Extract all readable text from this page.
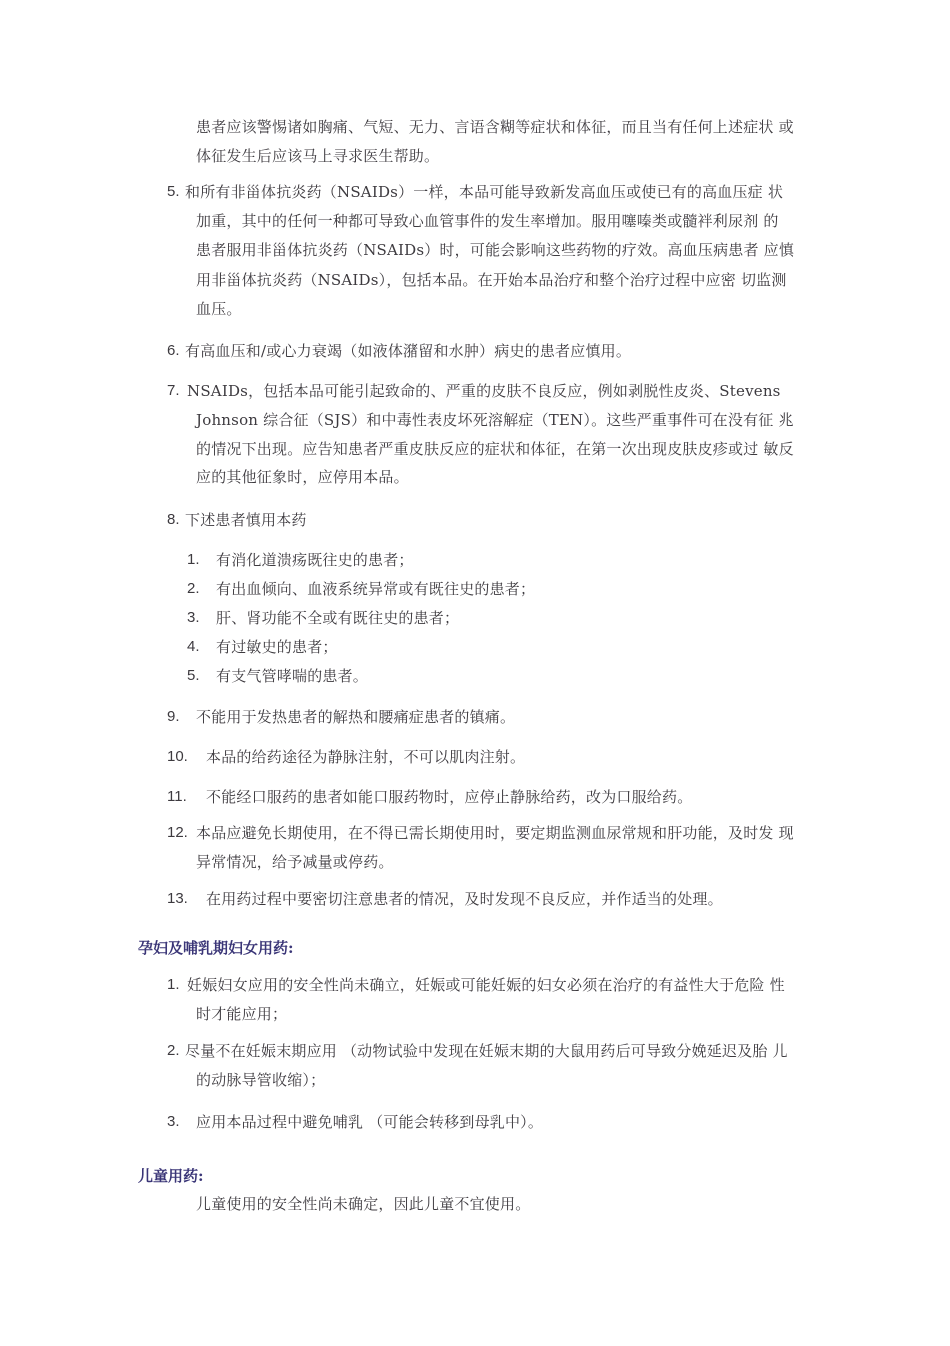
患者应该警惕诸如胸痛、气短、无力、言语含糊等症状和体征，而且当有任何上述症状 或
体征发生后应该马上寻求医生帮助。
5. 和所有非甾体抗炎药（NSAIDs）一样，本品可能导致新发高血压或使已有的高血压症 状
加重，其中的任何一种都可导致心血管事件的发生率增加。服用噻嗪类或髓袢利尿剂 的
患者服用非甾体抗炎药（NSAIDs）时，可能会影响这些药物的疗效。高血压病患者 应慎
用非甾体抗炎药（NSAIDs），包括本品。在开始本品治疗和整个治疗过程中应密 切监测
血压。
6. 有高血压和/或心力衰竭（如液体潴留和水肿）病史的患者应慎用。
7. NSAIDs，包括本品可能引起致命的、严重的皮肤不良反应，例如剥脱性皮炎、Stevens
Johnson 综合征（SJS）和中毒性表皮坏死溶解症（TEN）。这些严重事件可在没有征 兆
的情况下出现。应告知患者严重皮肤反应的症状和体征，在第一次出现皮肤皮疹或过 敏反
应的其他征象时，应停用本品。
8. 下述患者慎用本药
1. 有消化道溃疡既往史的患者；
2. 有出血倾向、血液系统异常或有既往史的患者；
3. 肝、肾功能不全或有既往史的患者；
4. 有过敏史的患者；
5. 有支气管哮喘的患者。
9. 不能用于发热患者的解热和腰痛症患者的镇痛。
10. 本品的给药途径为静脉注射，不可以肌肉注射。
11. 不能经口服药的患者如能口服药物时，应停止静脉给药，改为口服给药。
12. 本品应避免长期使用，在不得已需长期使用时，要定期监测血尿常规和肝功能，及时发 现
异常情况，给予减量或停药。
13. 在用药过程中要密切注意患者的情况，及时发现不良反应，并作适当的处理。
孕妇及哺乳期妇女用药:
1. 妊娠妇女应用的安全性尚未确立，妊娠或可能妊娠的妇女必须在治疗的有益性大于危险 性
时才能应用；
2. 尽量不在妊娠末期应用 （动物试验中发现在妊娠末期的大鼠用药后可导致分娩延迟及胎 儿
的动脉导管收缩）；
3. 应用本品过程中避免哺乳 （可能会转移到母乳中）。
儿童用药:
儿童使用的安全性尚未确定，因此儿童不宜使用。
